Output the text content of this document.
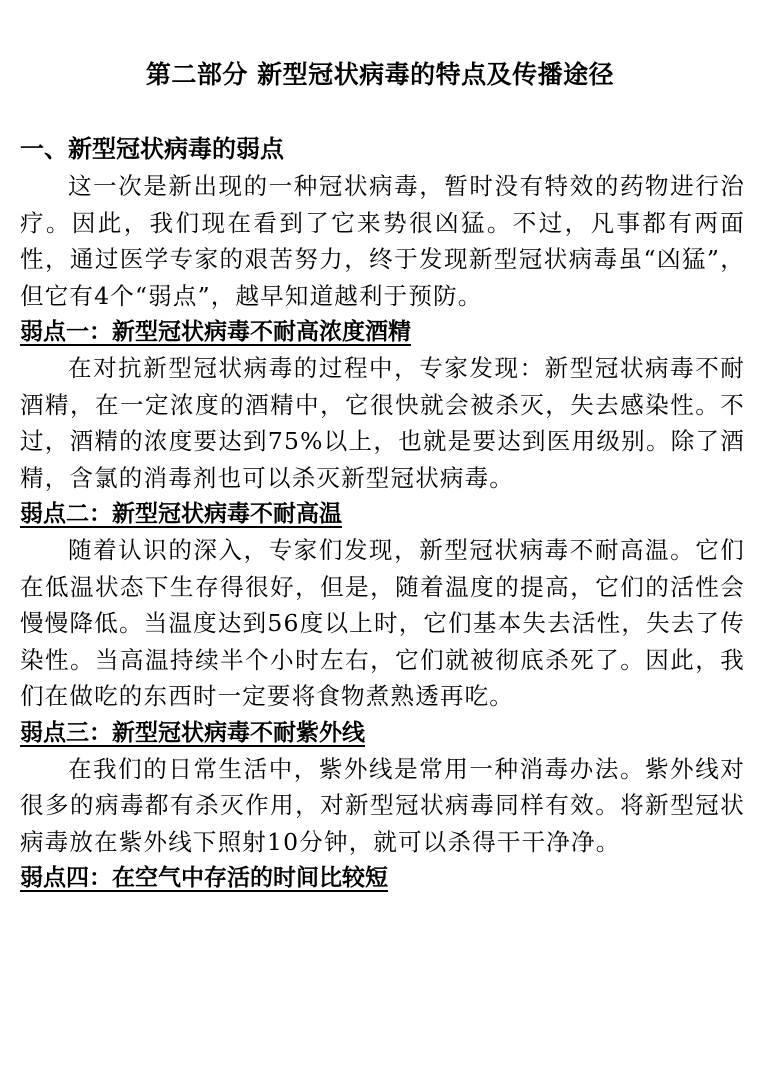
第二部分 新型冠状病毒的特点及传播途径

一、新型冠状病毒的弱点

这一次是新出现的一种冠状病毒，暂时没有特效的药物进行治疗。因此，我们现在看到了它来势很凶猛。不过，凡事都有两面性，通过医学专家的艰苦努力，终于发现新型冠状病毒虽“凶猛”，但它有4个“弱点”，越早知道越利于预防。

弱点一：新型冠状病毒不耐高浓度酒精

在对抗新型冠状病毒的过程中，专家发现：新型冠状病毒不耐酒精，在一定浓度的酒精中，它很快就会被杀灭，失去感染性。不过，酒精的浓度要达到75%以上，也就是要达到医用级别。除了酒精，含氯的消毒剂也可以杀灭新型冠状病毒。

弱点二：新型冠状病毒不耐高温

随着认识的深入，专家们发现，新型冠状病毒不耐高温。它们在低温状态下生存得很好，但是，随着温度的提高，它们的活性会慢慢降低。当温度达到56度以上时，它们基本失去活性，失去了传染性。当高温持续半个小时左右，它们就被彻底杀死了。因此，我们在做吃的东西时一定要将食物煮熟透再吃。

弱点三：新型冠状病毒不耐紫外线

在我们的日常生活中，紫外线是常用一种消毒办法。紫外线对很多的病毒都有杀灭作用，对新型冠状病毒同样有效。将新型冠状病毒放在紫外线下照射10分钟，就可以杀得干干净净。

弱点四：在空气中存活的时间比较短
